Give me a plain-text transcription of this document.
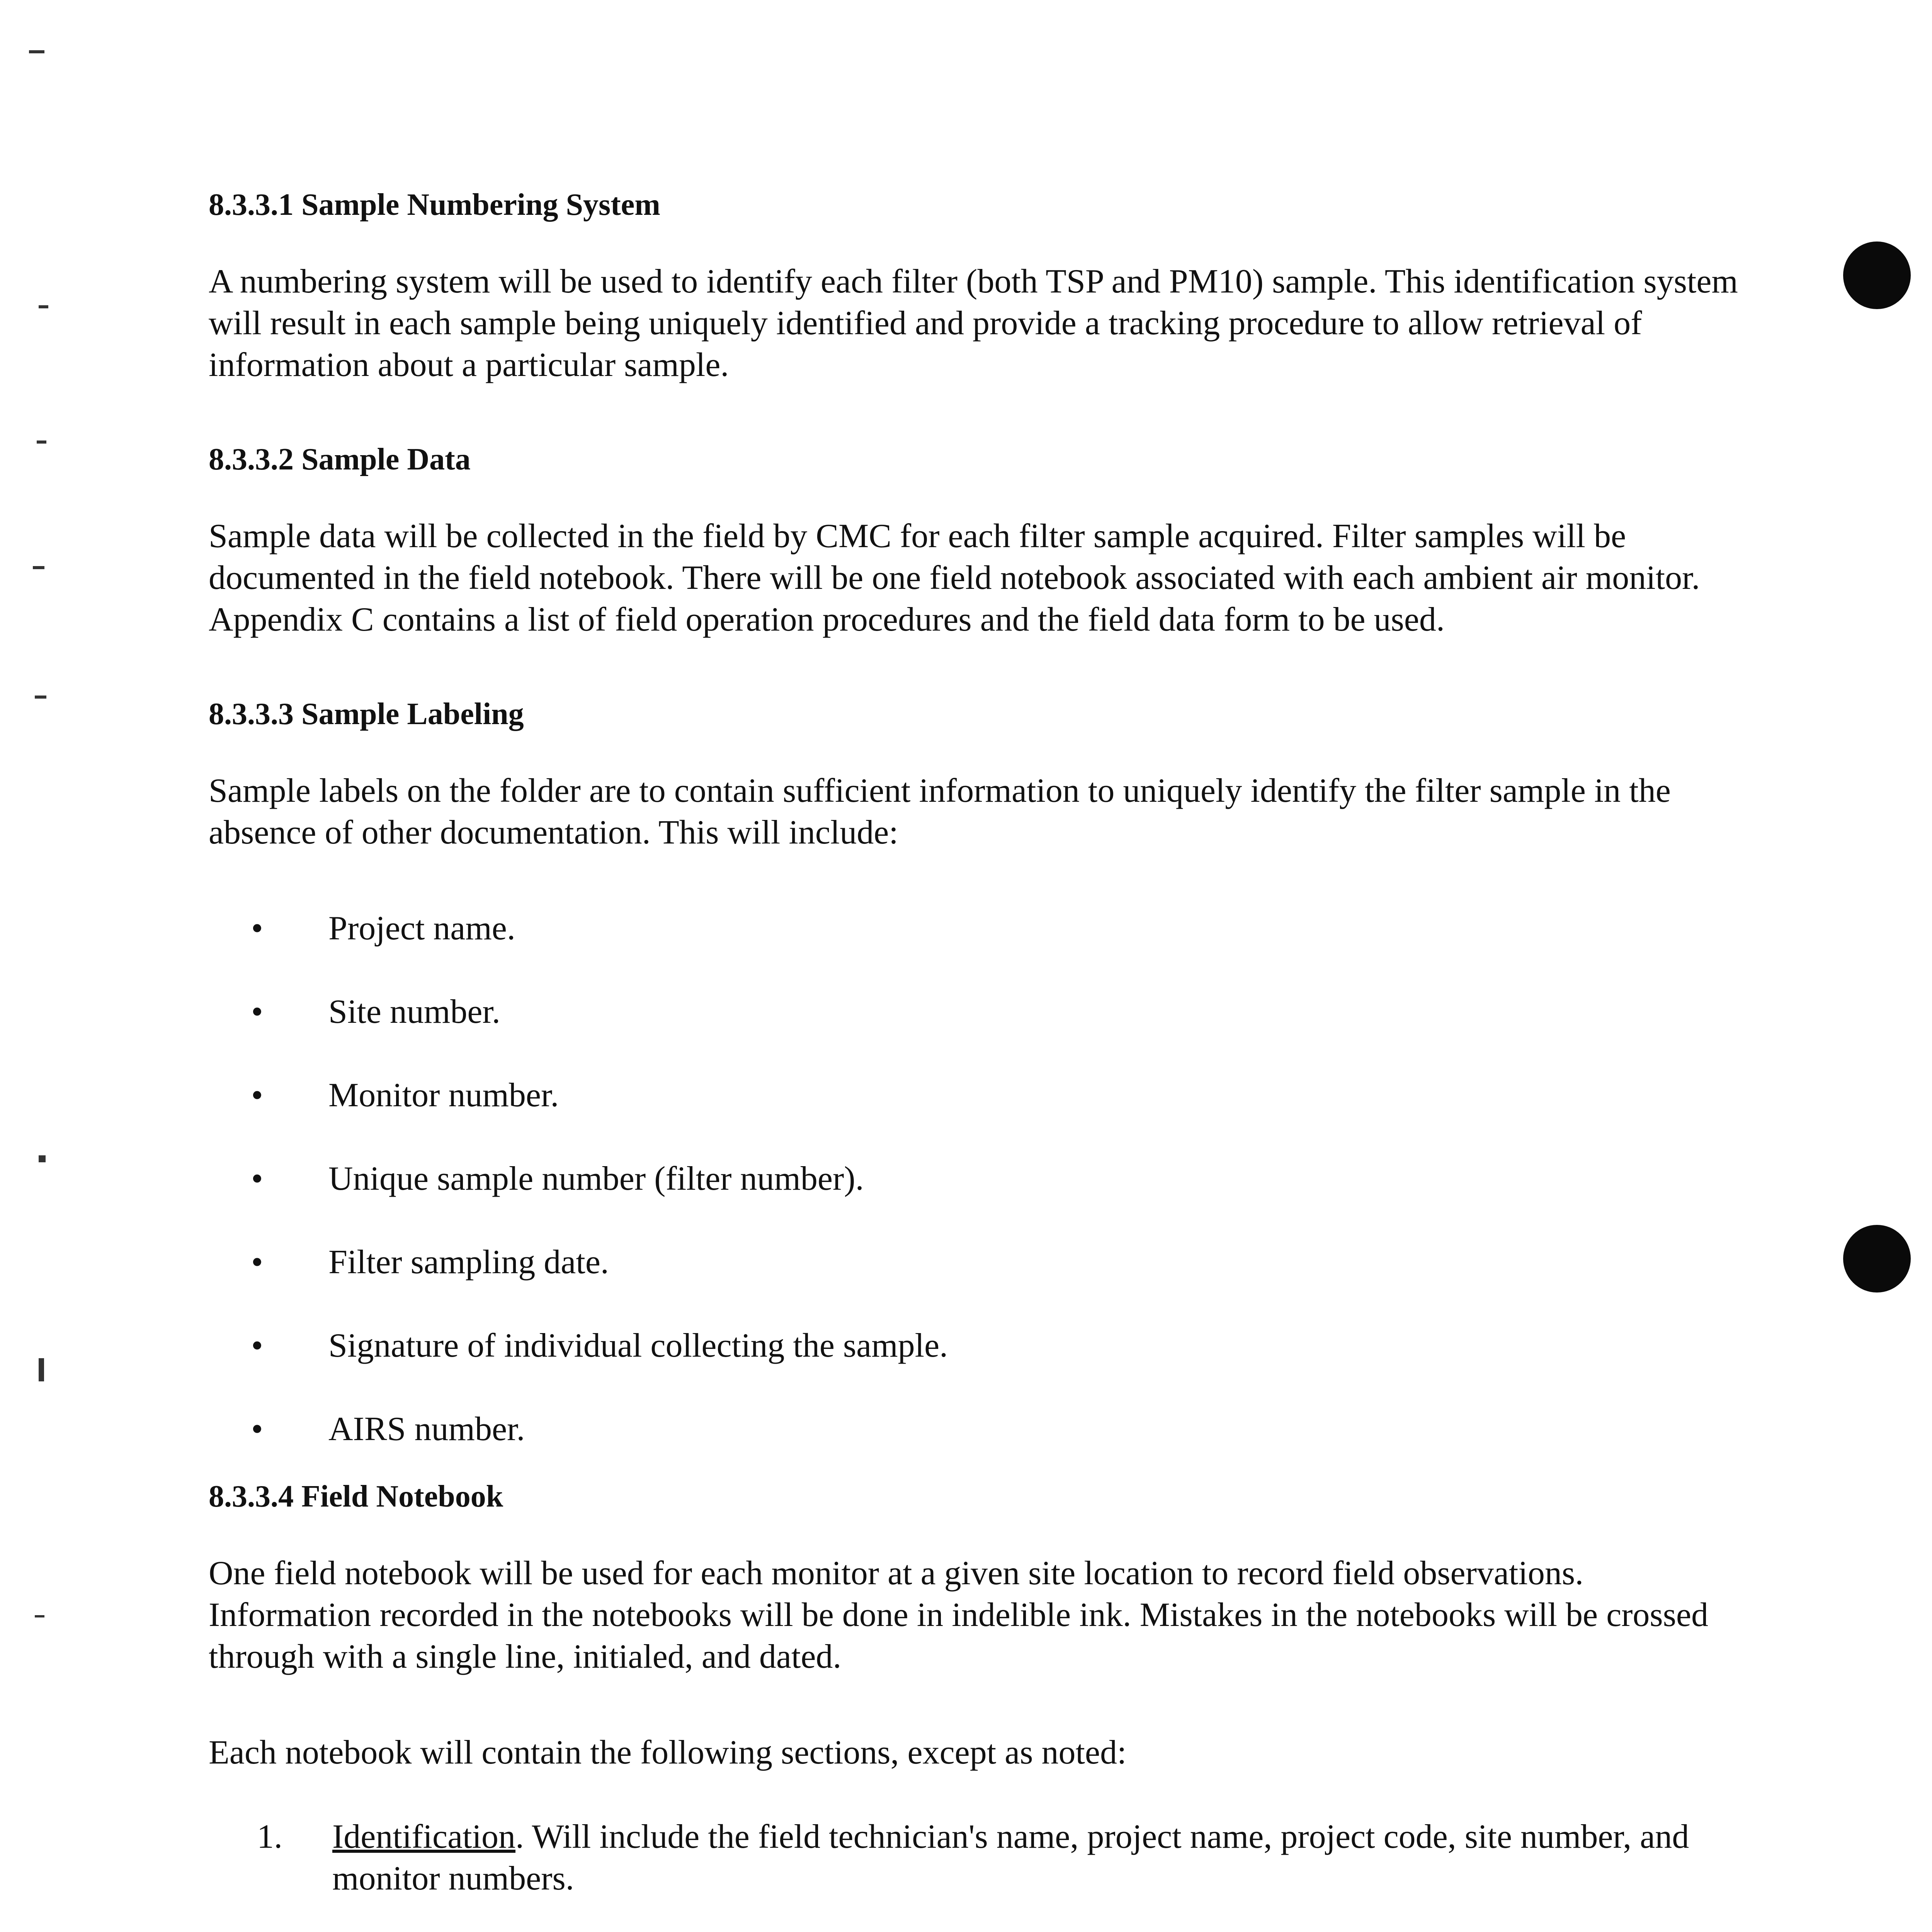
8.3.3.1 Sample Numbering System

A numbering system will be used to identify each filter (both TSP and PM10) sample. This identification system will result in each sample being uniquely identified and provide a tracking procedure to allow retrieval of information about a particular sample.

8.3.3.2 Sample Data

Sample data will be collected in the field by CMC for each filter sample acquired. Filter samples will be documented in the field notebook. There will be one field notebook associated with each ambient air monitor. Appendix C contains a list of field operation procedures and the field data form to be used.

8.3.3.3 Sample Labeling

Sample labels on the folder are to contain sufficient information to uniquely identify the filter sample in the absence of other documentation. This will include:

• Project name.
• Site number.
• Monitor number.
• Unique sample number (filter number).
• Filter sampling date.
• Signature of individual collecting the sample.
• AIRS number.
8.3.3.4 Field Notebook

One field notebook will be used for each monitor at a given site location to record field observations. Information recorded in the notebooks will be done in indelible ink. Mistakes in the notebooks will be crossed through with a single line, initialed, and dated.

Each notebook will contain the following sections, except as noted:

1. Identification. Will include the field technician's name, project name, project code, site number, and monitor numbers.
